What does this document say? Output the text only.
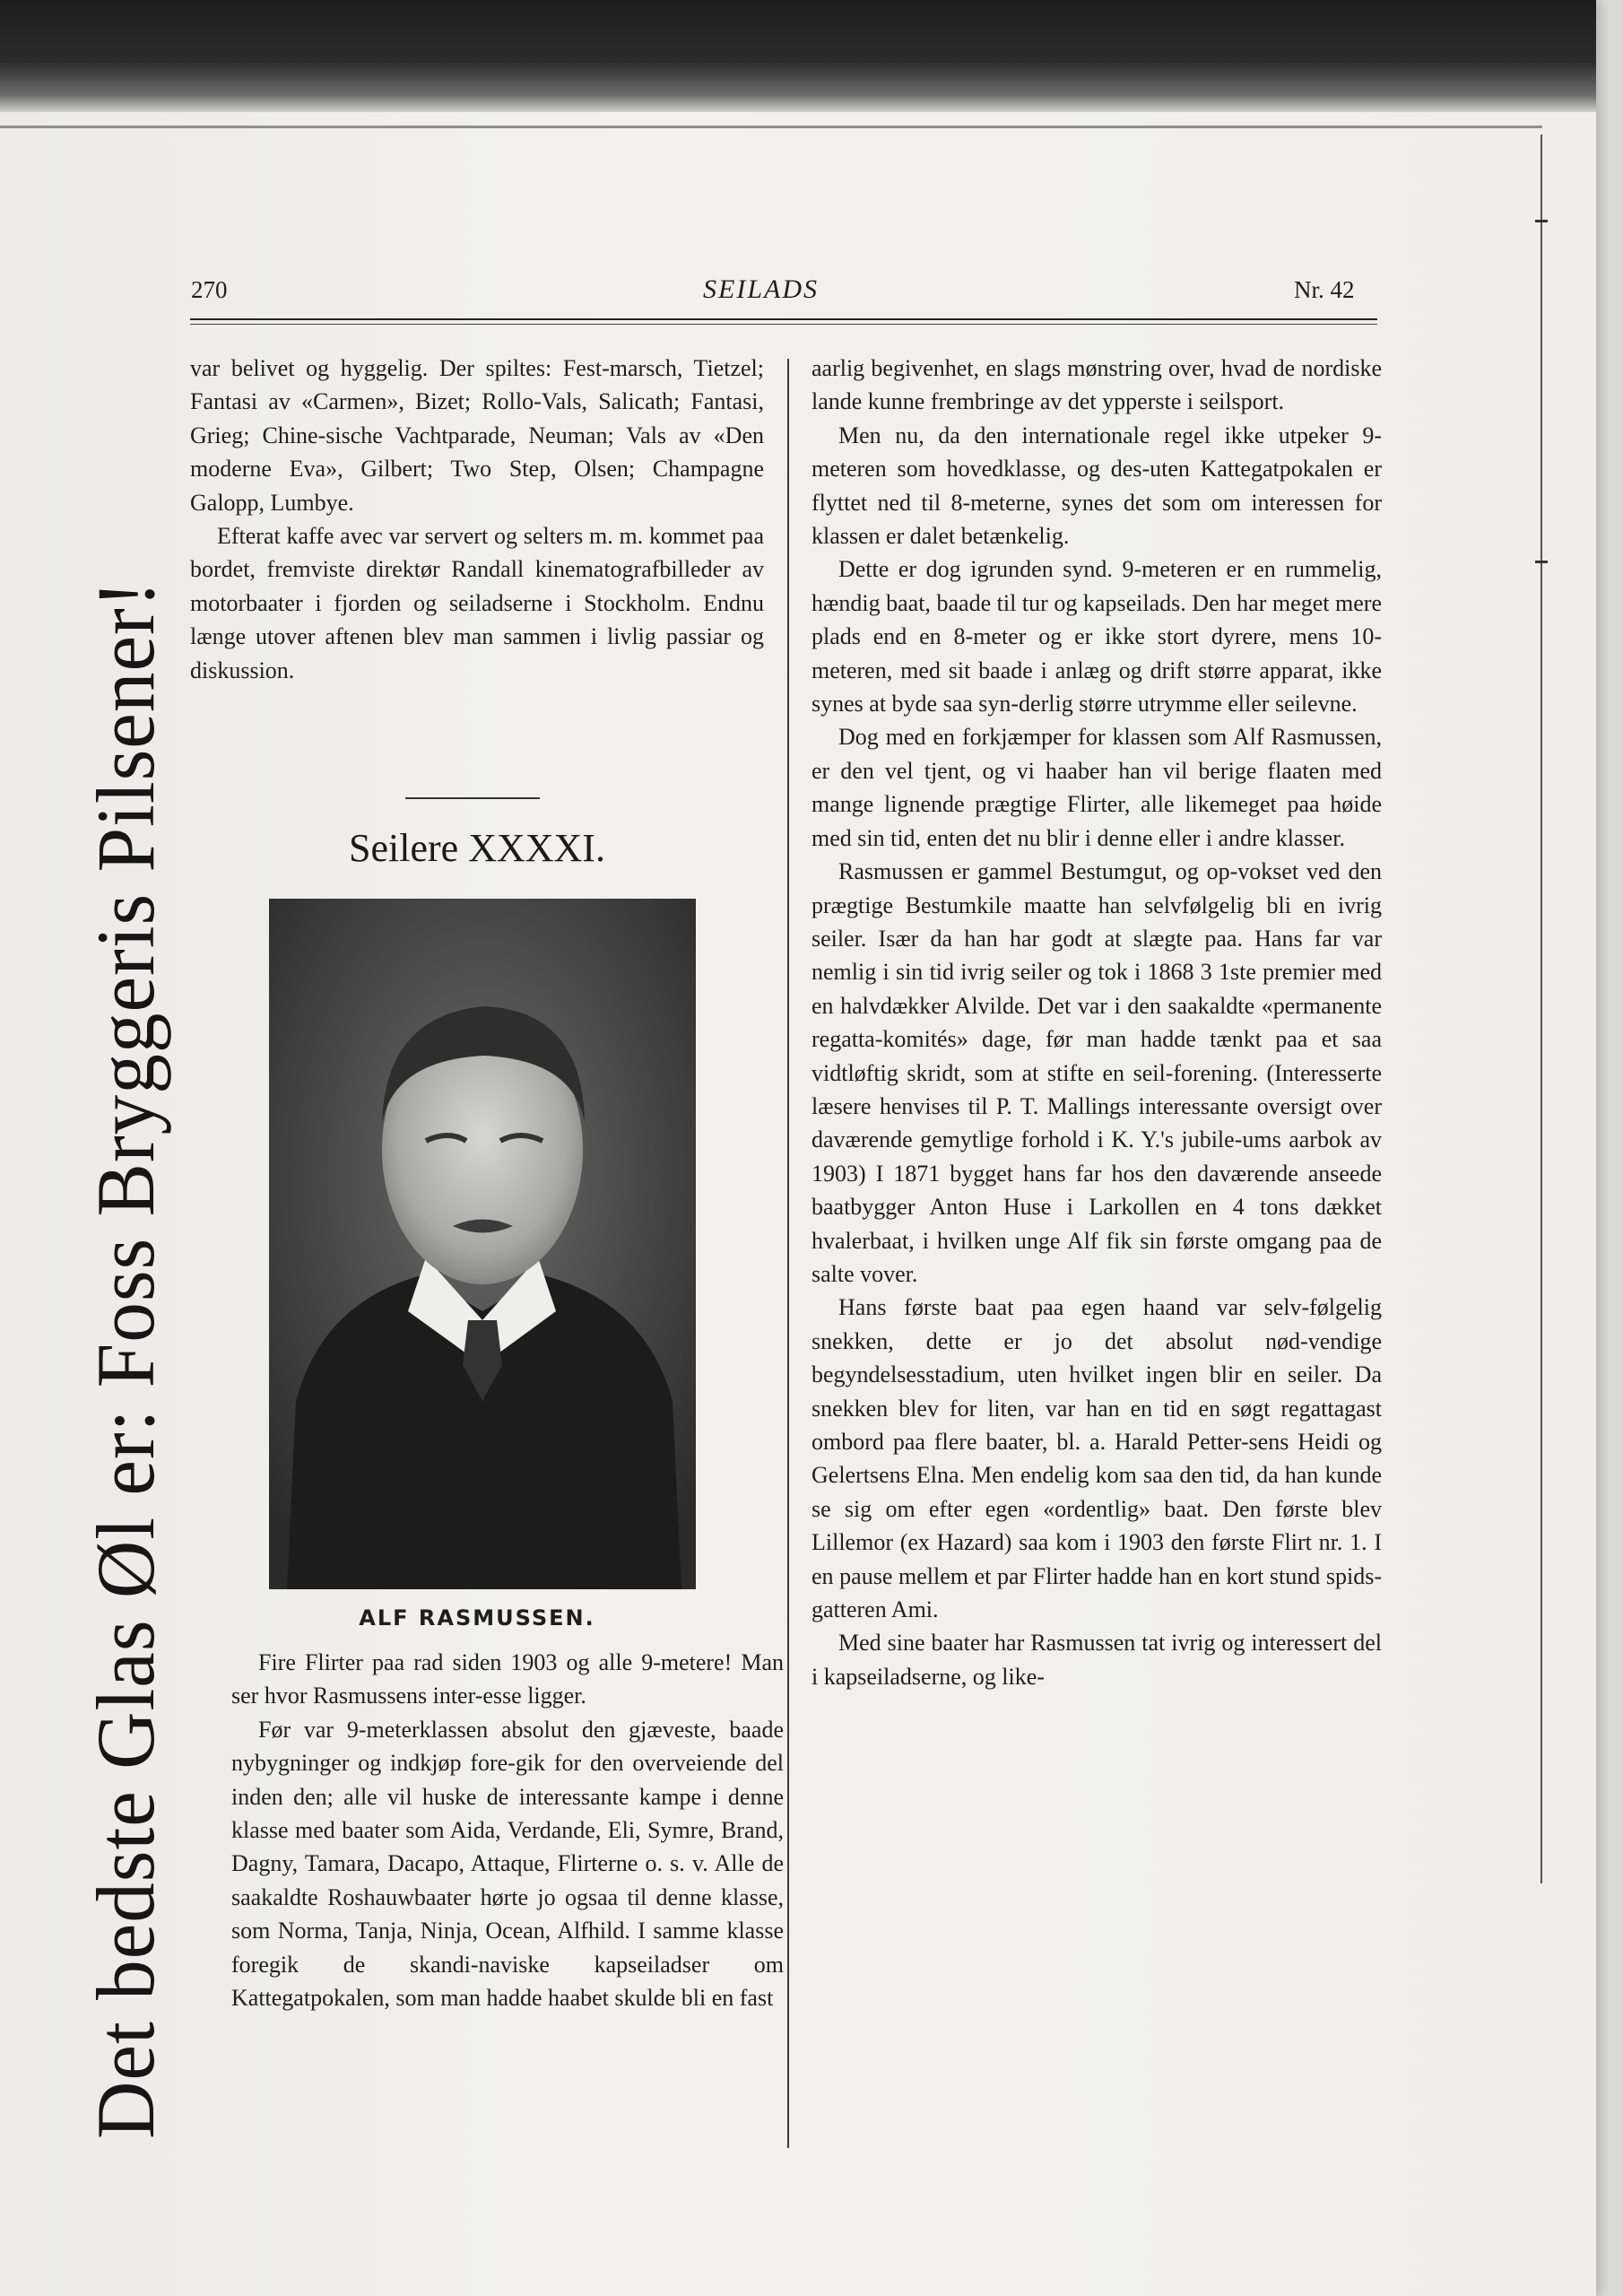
270	SEILADS	Nr. 42
Det bedste Glas Øl er: Foss Bryggeris Pilsener!

var belivet og hyggelig. Der spiltes: Fest-marsch, Tietzel; Fantasi av «Carmen», Bizet; Rollo-Vals, Salicath; Fantasi, Grieg; Chine-sische Vachtparade, Neuman; Vals av «Den moderne Eva», Gilbert; Two Step, Olsen; Champagne Galopp, Lumbye.

Efterat kaffe avec var servert og selters m. m. kommet paa bordet, fremviste direktør Randall kinematografbilleder av motorbaater i fjorden og seiladserne i Stockholm. Endnu længe utover aftenen blev man sammen i livlig passiar og diskussion.

Seilere XXXXI.
ALF RASMUSSEN.

Fire Flirter paa rad siden 1903 og alle 9-metere! Man ser hvor Rasmussens inter-esse ligger.

Før var 9-meterklassen absolut den gjæveste, baade nybygninger og indkjøp fore-gik for den overveiende del inden den; alle vil huske de interessante kampe i denne klasse med baater som Aida, Verdande, Eli, Symre, Brand, Dagny, Tamara, Dacapo, Attaque, Flirterne o. s. v. Alle de saakaldte Roshauwbaater hørte jo ogsaa til denne klasse, som Norma, Tanja, Ninja, Ocean, Alfhild. I samme klasse foregik de skandi-naviske kapseiladser om Kattegatpokalen, som man hadde haabet skulde bli en fast

aarlig begivenhet, en slags mønstring over, hvad de nordiske lande kunne frembringe av det ypperste i seilsport.

Men nu, da den internationale regel ikke utpeker 9-meteren som hovedklasse, og des-uten Kattegatpokalen er flyttet ned til 8-meterne, synes det som om interessen for klassen er dalet betænkelig.

Dette er dog igrunden synd. 9-meteren er en rummelig, hændig baat, baade til tur og kapseilads. Den har meget mere plads end en 8-meter og er ikke stort dyrere, mens 10-meteren, med sit baade i anlæg og drift større apparat, ikke synes at byde saa syn-derlig større utrymme eller seilevne.

Dog med en forkjæmper for klassen som Alf Rasmussen, er den vel tjent, og vi haaber han vil berige flaaten med mange lignende prægtige Flirter, alle likemeget paa høide med sin tid, enten det nu blir i denne eller i andre klasser.

Rasmussen er gammel Bestumgut, og op-vokset ved den prægtige Bestumkile maatte han selvfølgelig bli en ivrig seiler. Især da han har godt at slægte paa. Hans far var nemlig i sin tid ivrig seiler og tok i 1868 3 1ste premier med en halvdækker Alvilde. Det var i den saakaldte «permanente regatta-komités» dage, før man hadde tænkt paa et saa vidtløftig skridt, som at stifte en seil-forening. (Interesserte læsere henvises til P. T. Mallings interessante oversigt over daværende gemytlige forhold i K. Y.'s jubile-ums aarbok av 1903) I 1871 bygget hans far hos den daværende anseede baatbygger Anton Huse i Larkollen en 4 tons dækket hvalerbaat, i hvilken unge Alf fik sin første omgang paa de salte vover.

Hans første baat paa egen haand var selv-følgelig snekken, dette er jo det absolut nød-vendige begyndelsesstadium, uten hvilket ingen blir en seiler. Da snekken blev for liten, var han en tid en søgt regattagast ombord paa flere baater, bl. a. Harald Petter-sens Heidi og Gelertsens Elna. Men endelig kom saa den tid, da han kunde se sig om efter egen «ordentlig» baat. Den første blev Lillemor (ex Hazard) saa kom i 1903 den første Flirt nr. 1. I en pause mellem et par Flirter hadde han en kort stund spids-gatteren Ami.

Med sine baater har Rasmussen tat ivrig og interessert del i kapseiladserne, og like-
